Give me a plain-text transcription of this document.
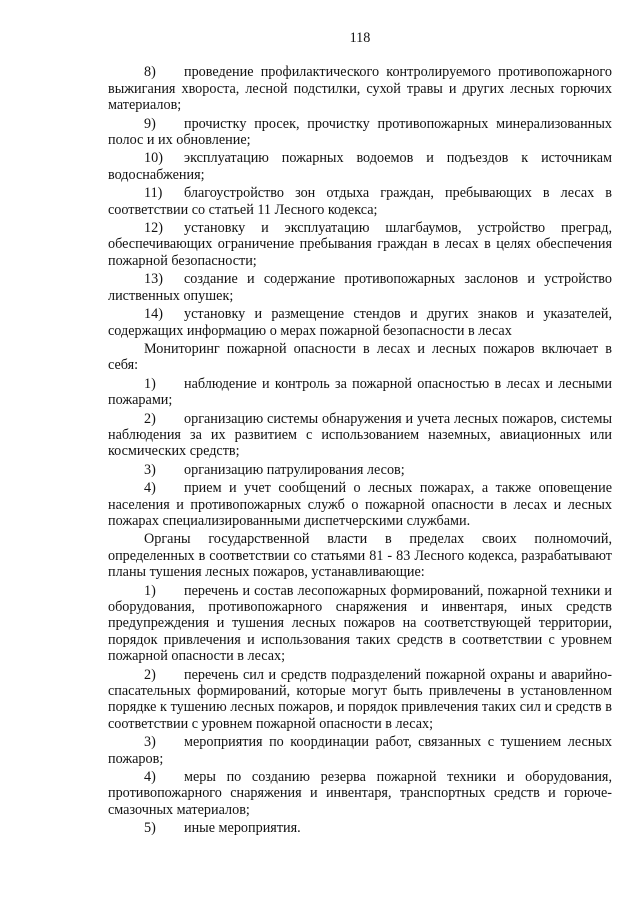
118

8) проведение профилактического контролируемого противопожарного выжигания хвороста, лесной подстилки, сухой травы и других лесных горючих материалов;

9) прочистку просек, прочистку противопожарных минерализованных полос и их обновление;

10) эксплуатацию пожарных водоемов и подъездов к источникам водоснабжения;

11) благоустройство зон отдыха граждан, пребывающих в лесах в соответствии со статьей 11 Лесного кодекса;

12) установку и эксплуатацию шлагбаумов, устройство преград, обеспечивающих ограничение пребывания граждан в лесах в целях обеспечения пожарной безопасности;

13) создание и содержание противопожарных заслонов и устройство лиственных опушек;

14) установку и размещение стендов и других знаков и указателей, содержащих информацию о мерах пожарной безопасности в лесах

Мониторинг пожарной опасности в лесах и лесных пожаров включает в себя:

1) наблюдение и контроль за пожарной опасностью в лесах и лесными пожарами;

2) организацию системы обнаружения и учета лесных пожаров, системы наблюдения за их развитием с использованием наземных, авиационных или космических средств;

3) организацию патрулирования лесов;

4) прием и учет сообщений о лесных пожарах, а также оповещение населения и противопожарных служб о пожарной опасности в лесах и лесных пожарах специализированными диспетчерскими службами.

Органы государственной власти в пределах своих полномочий, определенных в соответствии со статьями 81 - 83 Лесного кодекса, разрабатывают планы тушения лесных пожаров, устанавливающие:

1) перечень и состав лесопожарных формирований, пожарной техники и оборудования, противопожарного снаряжения и инвентаря, иных средств предупреждения и тушения лесных пожаров на соответствующей территории, порядок привлечения и использования таких средств в соответствии с уровнем пожарной опасности в лесах;

2) перечень сил и средств подразделений пожарной охраны и аварийно-спасательных формирований, которые могут быть привлечены в установленном порядке к тушению лесных пожаров, и порядок привлечения таких сил и средств в соответствии с уровнем пожарной опасности в лесах;

3) мероприятия по координации работ, связанных с тушением лесных пожаров;

4) меры по созданию резерва пожарной техники и оборудования, противопожарного снаряжения и инвентаря, транспортных средств и горюче-смазочных материалов;

5) иные мероприятия.
